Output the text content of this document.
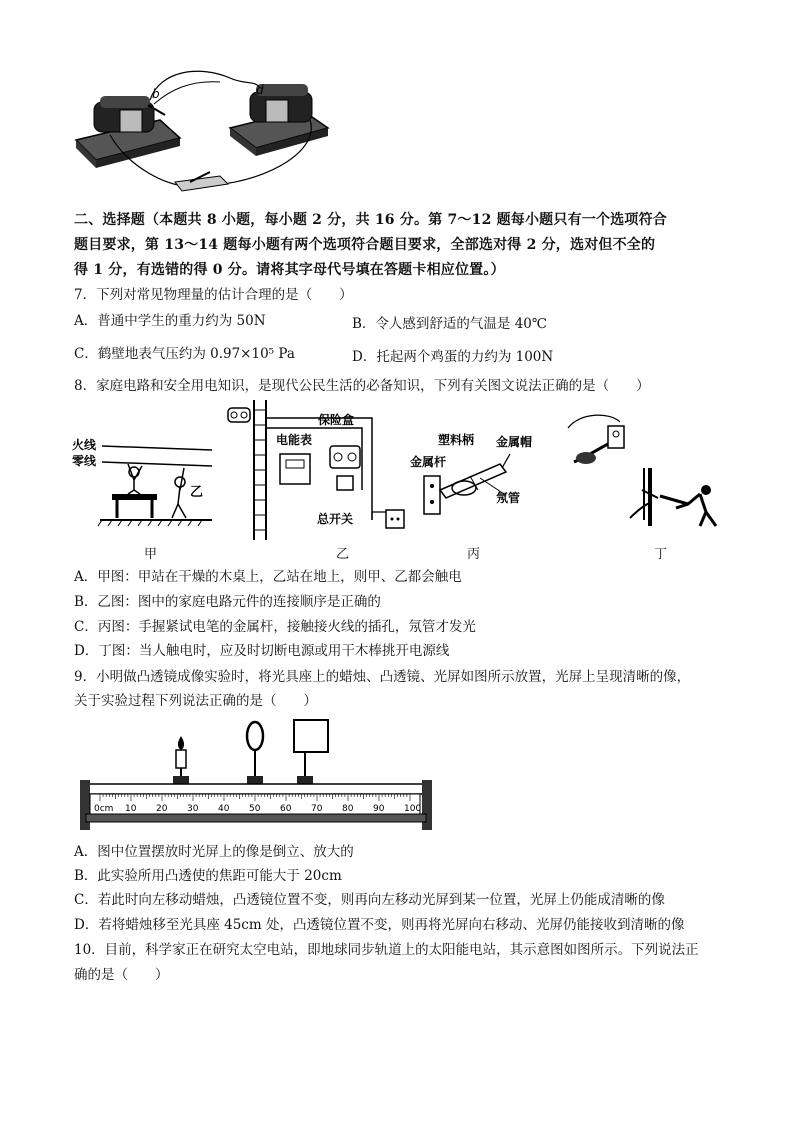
b	d
二、选择题（本题共 8 小题，每小题 2 分，共 16 分。第 7～12 题每小题只有一个选项符合
题目要求，第 13～14 题每小题有两个选项符合题目要求，全部选对得 2 分，选对但不全的
得 1 分，有选错的得 0 分。请将其字母代号填在答题卡相应位置。）
7．下列对常见物理量的估计合理的是（　　）
A．普通中学生的重力约为 50N	B．令人感到舒适的气温是 40℃
C．鹤壁地表气压约为 0.97×10⁵ Pa	D．托起两个鸡蛋的力约为 100N
8．家庭电路和安全用电知识，是现代公民生活的必备知识，下列有关图文说法正确的是（　　）
火线
零线
乙
电能表
保险盒
总开关
塑料柄 金属帽
金属杆
氖管
甲	乙	丙	丁
A．甲图：甲站在干燥的木桌上，乙站在地上，则甲、乙都会触电
B．乙图：图中的家庭电路元件的连接顺序是正确的
C．丙图：手握紧试电笔的金属杆，接触接火线的插孔，氖管才发光
D．丁图：当人触电时，应及时切断电源或用干木棒挑开电源线
9．小明做凸透镜成像实验时，将光具座上的蜡烛、凸透镜、光屏如图所示放置，光屏上呈现清晰的像，
关于实验过程下列说法正确的是（　　）
0cm 10 20 30 40 50 60 70 80 90 100
A．图中位置摆放时光屏上的像是倒立、放大的
B．此实验所用凸透使的焦距可能大于 20cm
C．若此时向左移动蜡烛，凸透镜位置不变，则再向左移动光屏到某一位置，光屏上仍能成清晰的像
D．若将蜡烛移至光具座 45cm 处，凸透镜位置不变，则再将光屏向右移动、光屏仍能接收到清晰的像
10．目前，科学家正在研究太空电站，即地球同步轨道上的太阳能电站，其示意图如图所示。下列说法正
确的是（　　）
